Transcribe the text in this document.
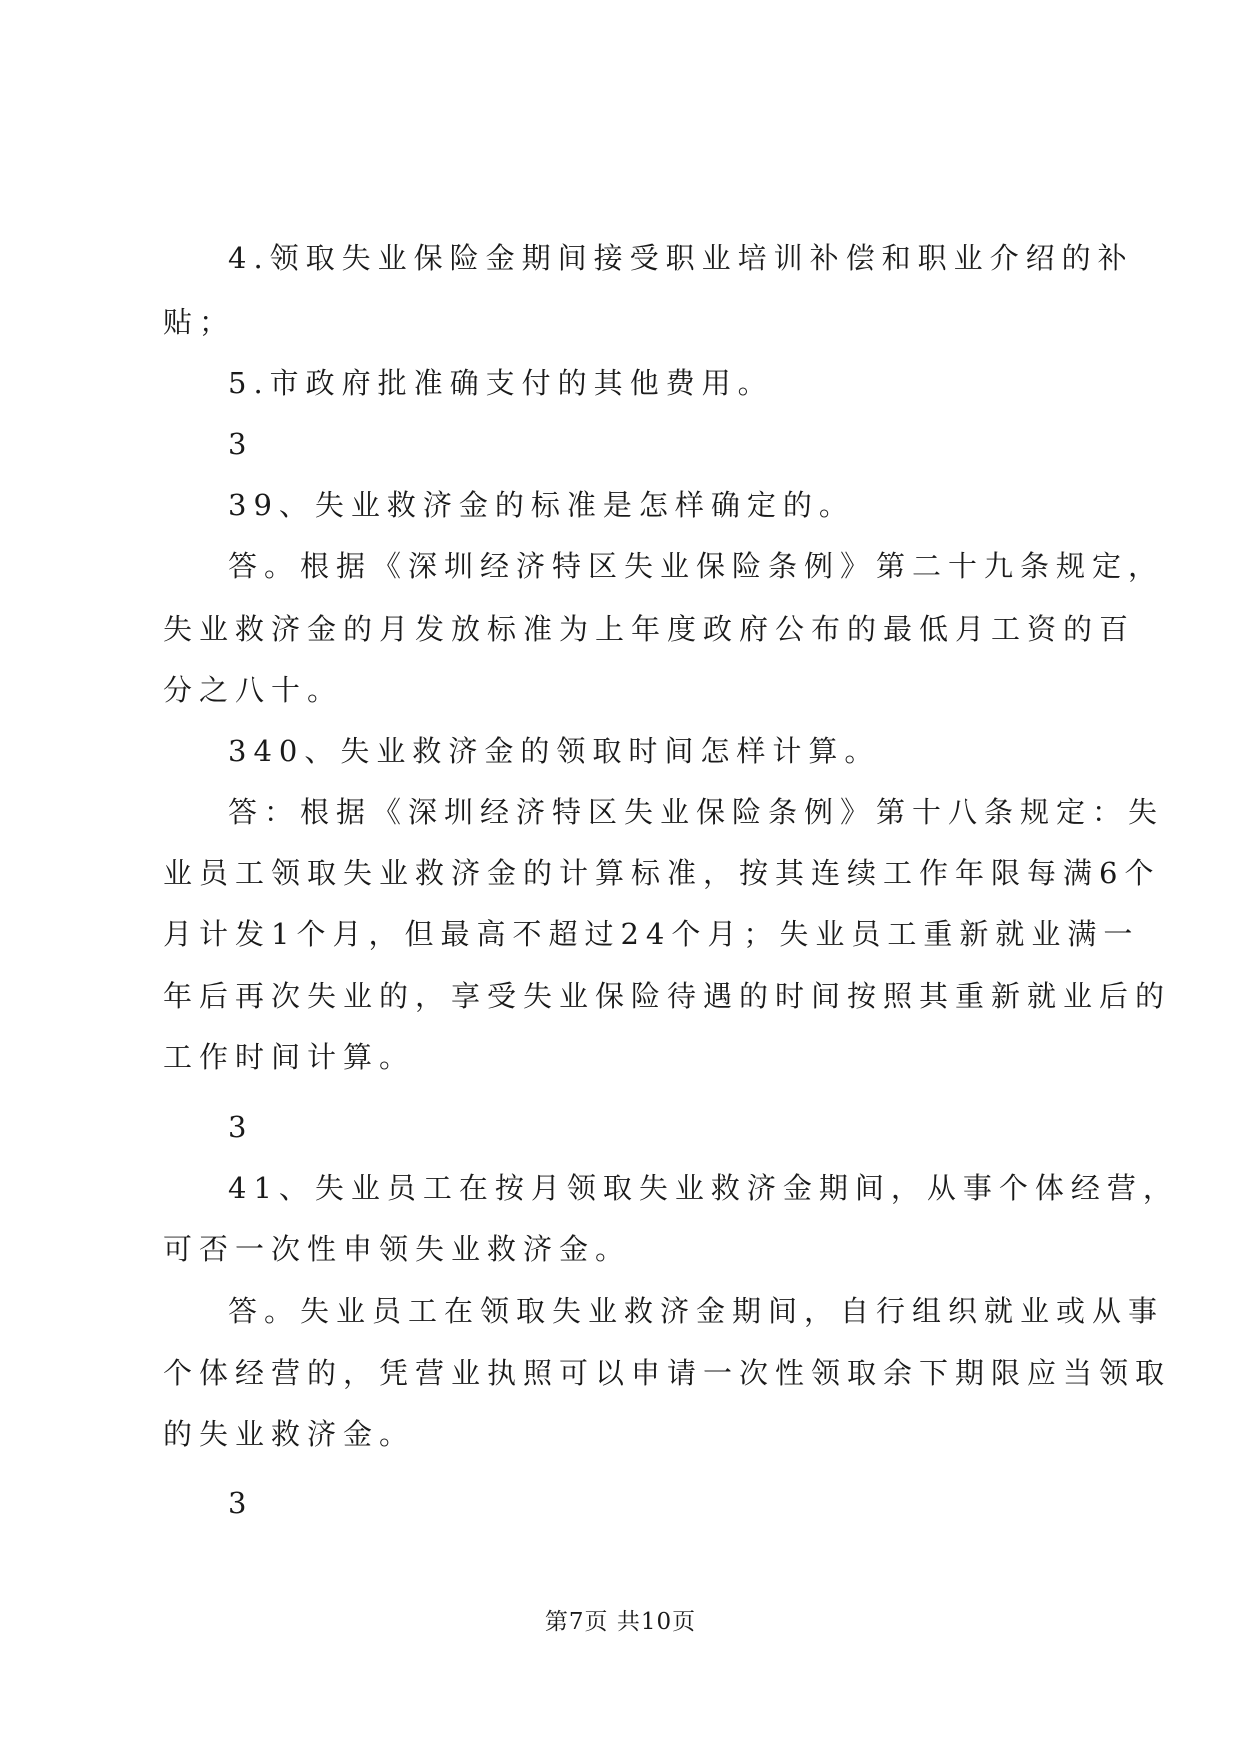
4.领取失业保险金期间接受职业培训补偿和职业介绍的补
贴；
5.市政府批准确支付的其他费用。
3
39、失业救济金的标准是怎样确定的。
答。根据《深圳经济特区失业保险条例》第二十九条规定，
失业救济金的月发放标准为上年度政府公布的最低月工资的百
分之八十。
340、失业救济金的领取时间怎样计算。
答：根据《深圳经济特区失业保险条例》第十八条规定：失
业员工领取失业救济金的计算标准，按其连续工作年限每满6个
月计发1个月，但最高不超过24个月；失业员工重新就业满一
年后再次失业的，享受失业保险待遇的时间按照其重新就业后的
工作时间计算。
3
41、失业员工在按月领取失业救济金期间，从事个体经营，
可否一次性申领失业救济金。
答。失业员工在领取失业救济金期间，自行组织就业或从事
个体经营的，凭营业执照可以申请一次性领取余下期限应当领取
的失业救济金。
3
第7页 共10页
